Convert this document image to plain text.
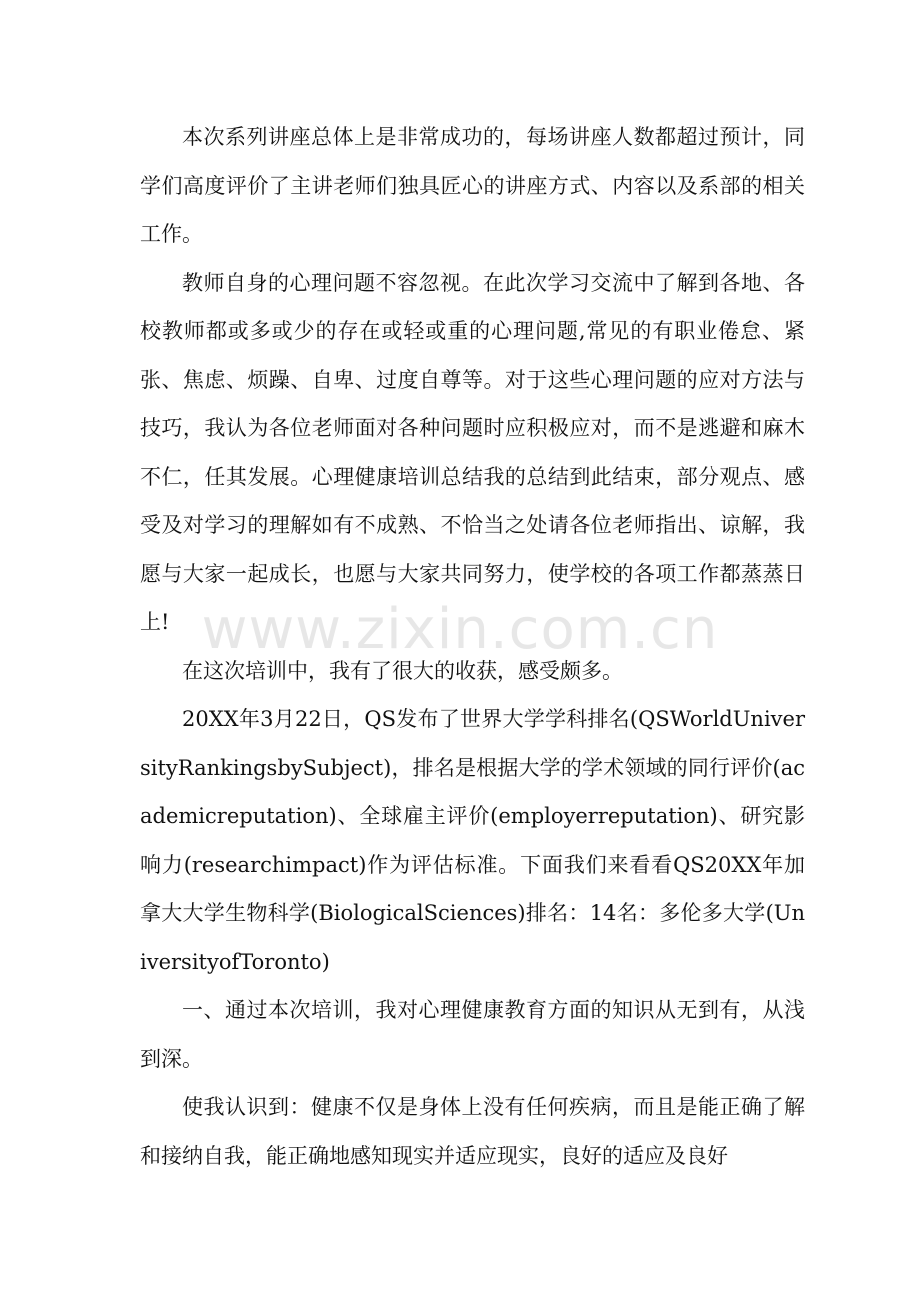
本次系列讲座总体上是非常成功的，每场讲座人数都超过预计，同学们高度评价了主讲老师们独具匠心的讲座方式、内容以及系部的相关工作。

教师自身的心理问题不容忽视。在此次学习交流中了解到各地、各校教师都或多或少的存在或轻或重的心理问题,常见的有职业倦怠、紧张、焦虑、烦躁、自卑、过度自尊等。对于这些心理问题的应对方法与技巧，我认为各位老师面对各种问题时应积极应对，而不是逃避和麻木不仁，任其发展。心理健康培训总结我的总结到此结束，部分观点、感受及对学习的理解如有不成熟、不恰当之处请各位老师指出、谅解，我愿与大家一起成长，也愿与大家共同努力，使学校的各项工作都蒸蒸日上!

在这次培训中，我有了很大的收获，感受颇多。

20XX年3月22日，QS发布了世界大学学科排名(QSWorldUniversityRankingsbySubject)，排名是根据大学的学术领域的同行评价(academicreputation)、全球雇主评价(employerreputation)、研究影响力(researchimpact)作为评估标准。下面我们来看看QS20XX年加拿大大学生物科学(BiologicalSciences)排名：14名：多伦多大学(UniversityofToronto)

一、通过本次培训，我对心理健康教育方面的知识从无到有，从浅到深。

使我认识到：健康不仅是身体上没有任何疾病，而且是能正确了解和接纳自我，能正确地感知现实并适应现实，良好的适应及良好

www.zixin.com.cn
